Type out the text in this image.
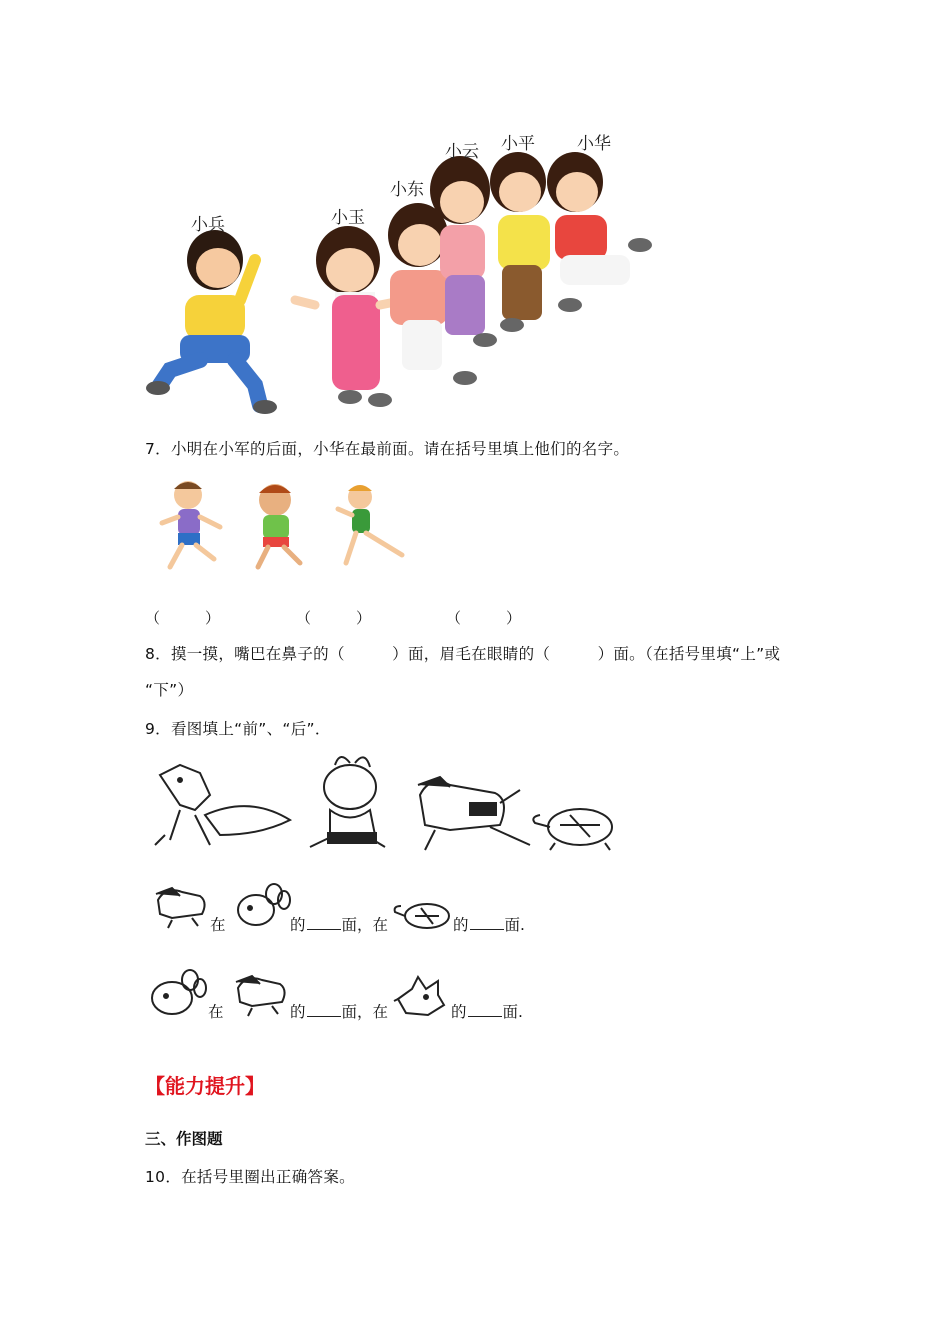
小兵	小玉
小东
小云 小平 小华
7．小明在小军的后面，小华在最前面。请在括号里填上他们的名字。
（　　　）	（　　　）	（　　　）
8．摸一摸，嘴巴在鼻子的（　　　）面，眉毛在眼睛的（　　　）面。（在括号里填“上”或
“下”）
9．看图填上“前”、“后”．
在	的 面，在	的 面.
在	的 面，在	的 面.
【能力提升】
三、作图题
10．在括号里圈出正确答案。
